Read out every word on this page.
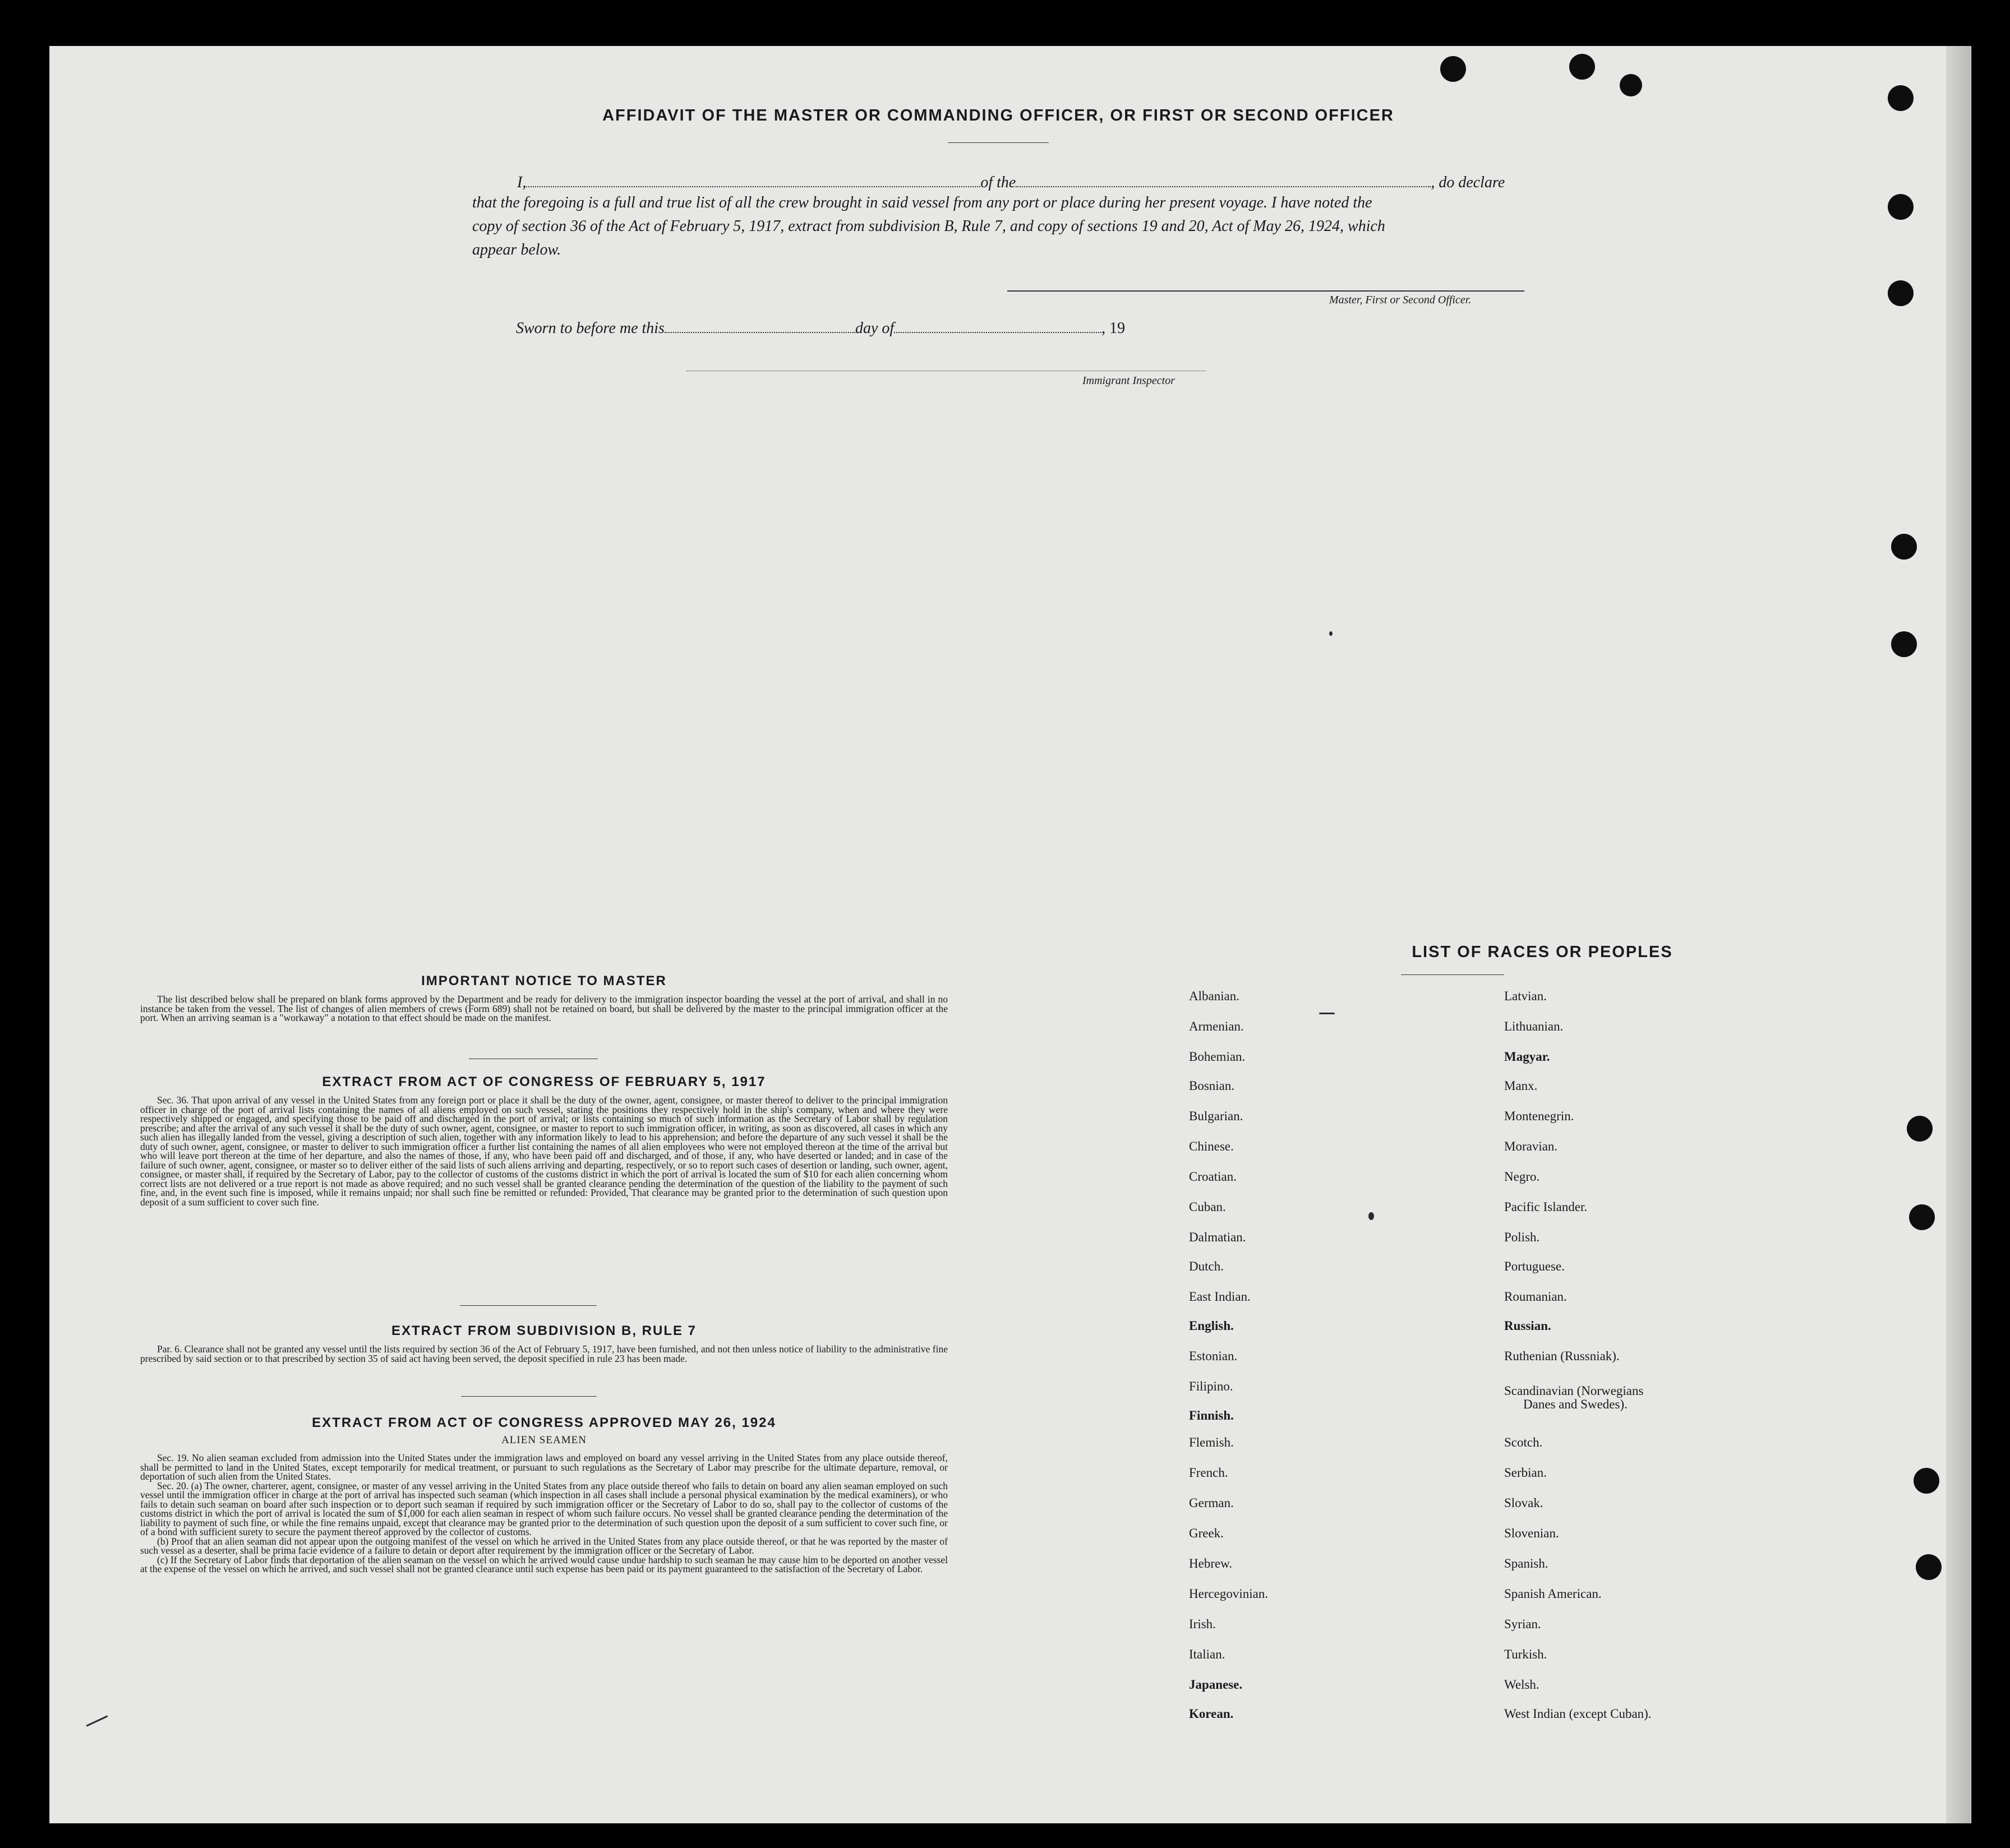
AFFIDAVIT OF THE MASTER OR COMMANDING OFFICER, OR FIRST OR SECOND OFFICER
I,	of the	, do declare
that the foregoing is a full and true list of all the crew brought in said vessel from any port or place during her present voyage. I have noted the
copy of section 36 of the Act of February 5, 1917, extract from subdivision B, Rule 7, and copy of sections 19 and 20, Act of May 26, 1924, which
appear below.
Master, First or Second Officer.
Sworn to before me this	day of	, 19
Immigrant Inspector
IMPORTANT NOTICE TO MASTER

The list described below shall be prepared on blank forms approved by the Department and be ready for delivery to the immigration inspector boarding the vessel at the port of arrival, and shall in no instance be taken from the vessel. The list of changes of alien members of crews (Form 689) shall not be retained on board, but shall be delivered by the master to the principal immigration officer at the port. When an arriving seaman is a "workaway" a notation to that effect should be made on the manifest.

EXTRACT FROM ACT OF CONGRESS OF FEBRUARY 5, 1917

Sec. 36. That upon arrival of any vessel in the United States from any foreign port or place it shall be the duty of the owner, agent, consignee, or master thereof to deliver to the principal immigration officer in charge of the port of arrival lists containing the names of all aliens employed on such vessel, stating the positions they respectively hold in the ship's company, when and where they were respectively shipped or engaged, and specifying those to be paid off and discharged in the port of arrival; or lists containing so much of such information as the Secretary of Labor shall by regulation prescribe; and after the arrival of any such vessel it shall be the duty of such owner, agent, consignee, or master to report to such immigration officer, in writing, as soon as discovered, all cases in which any such alien has illegally landed from the vessel, giving a description of such alien, together with any information likely to lead to his apprehension; and before the departure of any such vessel it shall be the duty of such owner, agent, consignee, or master to deliver to such immigration officer a further list containing the names of all alien employees who were not employed thereon at the time of the arrival but who will leave port thereon at the time of her departure, and also the names of those, if any, who have been paid off and discharged, and of those, if any, who have deserted or landed; and in case of the failure of such owner, agent, consignee, or master so to deliver either of the said lists of such aliens arriving and departing, respectively, or so to report such cases of desertion or landing, such owner, agent, consignee, or master shall, if required by the Secretary of Labor, pay to the collector of customs of the customs district in which the port of arrival is located the sum of $10 for each alien concerning whom correct lists are not delivered or a true report is not made as above required; and no such vessel shall be granted clearance pending the determination of the question of the liability to the payment of such fine, and, in the event such fine is imposed, while it remains unpaid; nor shall such fine be remitted or refunded: Provided, That clearance may be granted prior to the determination of such question upon deposit of a sum sufficient to cover such fine.

EXTRACT FROM SUBDIVISION B, RULE 7

Par. 6. Clearance shall not be granted any vessel until the lists required by section 36 of the Act of February 5, 1917, have been furnished, and not then unless notice of liability to the administrative fine prescribed by said section or to that prescribed by section 35 of said act having been served, the deposit specified in rule 23 has been made.

EXTRACT FROM ACT OF CONGRESS APPROVED MAY 26, 1924
ALIEN SEAMEN

Sec. 19. No alien seaman excluded from admission into the United States under the immigration laws and employed on board any vessel arriving in the United States from any place outside thereof, shall be permitted to land in the United States, except temporarily for medical treatment, or pursuant to such regulations as the Secretary of Labor may prescribe for the ultimate departure, removal, or deportation of such alien from the United States.

Sec. 20. (a) The owner, charterer, agent, consignee, or master of any vessel arriving in the United States from any place outside thereof who fails to detain on board any alien seaman employed on such vessel until the immigration officer in charge at the port of arrival has inspected such seaman (which inspection in all cases shall include a personal physical examination by the medical examiners), or who fails to detain such seaman on board after such inspection or to deport such seaman if required by such immigration officer or the Secretary of Labor to do so, shall pay to the collector of customs of the customs district in which the port of arrival is located the sum of $1,000 for each alien seaman in respect of whom such failure occurs. No vessel shall be granted clearance pending the determination of the liability to payment of such fine, or while the fine remains unpaid, except that clearance may be granted prior to the determination of such question upon the deposit of a sum sufficient to cover such fine, or of a bond with sufficient surety to secure the payment thereof approved by the collector of customs.

(b) Proof that an alien seaman did not appear upon the outgoing manifest of the vessel on which he arrived in the United States from any place outside thereof, or that he was reported by the master of such vessel as a deserter, shall be prima facie evidence of a failure to detain or deport after requirement by the immigration officer or the Secretary of Labor.

(c) If the Secretary of Labor finds that deportation of the alien seaman on the vessel on which he arrived would cause undue hardship to such seaman he may cause him to be deported on another vessel at the expense of the vessel on which he arrived, and such vessel shall not be granted clearance until such expense has been paid or its payment guaranteed to the satisfaction of the Secretary of Labor.

LIST OF RACES OR PEOPLES
Albanian.
Armenian.
Bohemian.
Bosnian.
Bulgarian.
Chinese.
Croatian.
Cuban.
Dalmatian.
Dutch.
East Indian.
English.
Estonian.
Filipino.
Finnish.
Flemish.
French.
German.
Greek.
Hebrew.
Hercegovinian.
Irish.
Italian.
Japanese.
Korean.
Latvian.
Lithuanian.
Magyar.
Manx.
Montenegrin.
Moravian.
Negro.
Pacific Islander.
Polish.
Portuguese.
Roumanian.
Russian.
Ruthenian (Russniak).
Scandinavian (Norwegians
Danes and Swedes).
Scotch.
Serbian.
Slovak.
Slovenian.
Spanish.
Spanish American.
Syrian.
Turkish.
Welsh.
West Indian (except Cuban).
